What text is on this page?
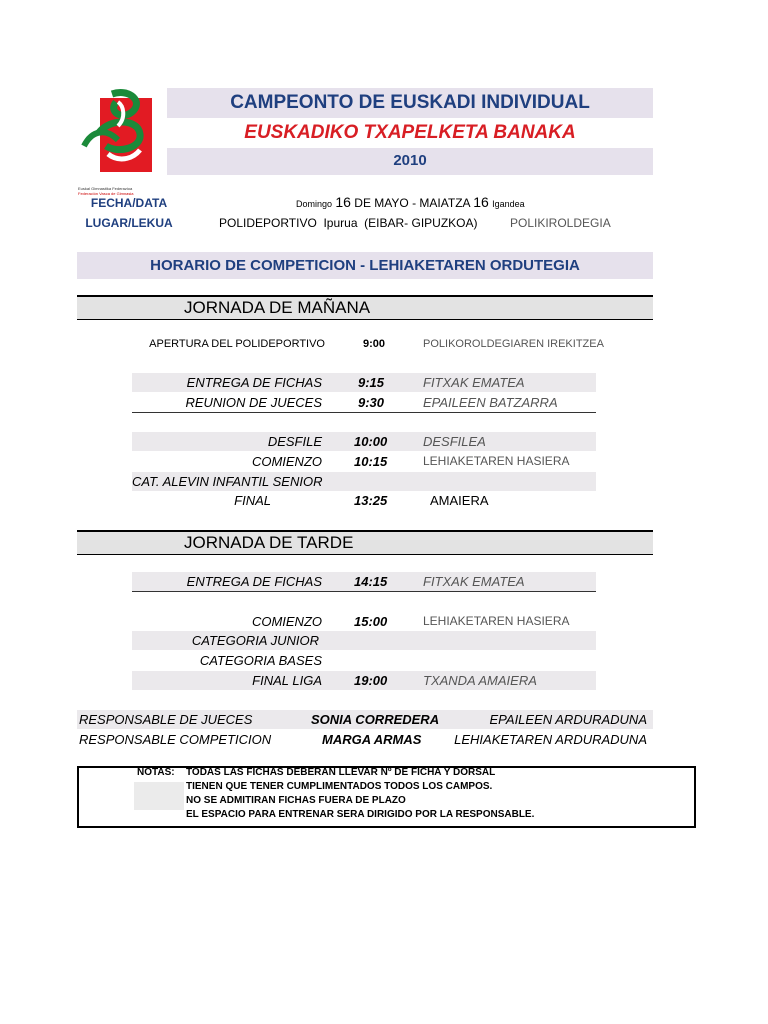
Euskal Gimnastika Federazioa
Federación Vasca de Gimnasia
CAMPEONTO DE EUSKADI INDIVIDUAL
EUSKADIKO TXAPELKETA BANAKA
2010
FECHA/DATA	Domingo 16 DE MAYO - MAIATZA 16 Igandea
LUGAR/LEKUA	POLIDEPORTIVO  Ipurua  (EIBAR- GIPUZKOA)	POLIKIROLDEGIA
HORARIO DE COMPETICION - LEHIAKETAREN ORDUTEGIA
JORNADA DE MAÑANA
APERTURA DEL POLIDEPORTIVO	9:00	POLIKOROLDEGIAREN IREKITZEA
ENTREGA DE FICHAS	9:15	FITXAK EMATEA
REUNION DE JUECES	9:30	EPAILEEN BATZARRA
DESFILE 10:00	DESFILEA
COMIENZO 10:15	LEHIAKETAREN HASIERA
CAT. ALEVIN INFANTIL SENIOR
FINAL	13:25	AMAIERA
JORNADA DE TARDE
ENTREGA DE FICHAS 14:15	FITXAK EMATEA
COMIENZO 15:00	LEHIAKETAREN HASIERA
CATEGORIA JUNIOR
CATEGORIA BASES
FINAL LIGA 19:00	TXANDA AMAIERA
RESPONSABLE DE JUECES	SONIA CORREDERA	EPAILEEN ARDURADUNA
RESPONSABLE COMPETICION	MARGA ARMAS	LEHIAKETAREN ARDURADUNA
NOTAS: TODAS LAS FICHAS DEBERAN LLEVAR Nº DE FICHA Y DORSAL
TIENEN QUE TENER CUMPLIMENTADOS TODOS LOS CAMPOS.
NO SE ADMITIRAN FICHAS FUERA DE PLAZO
EL ESPACIO PARA ENTRENAR SERA DIRIGIDO POR LA RESPONSABLE.
